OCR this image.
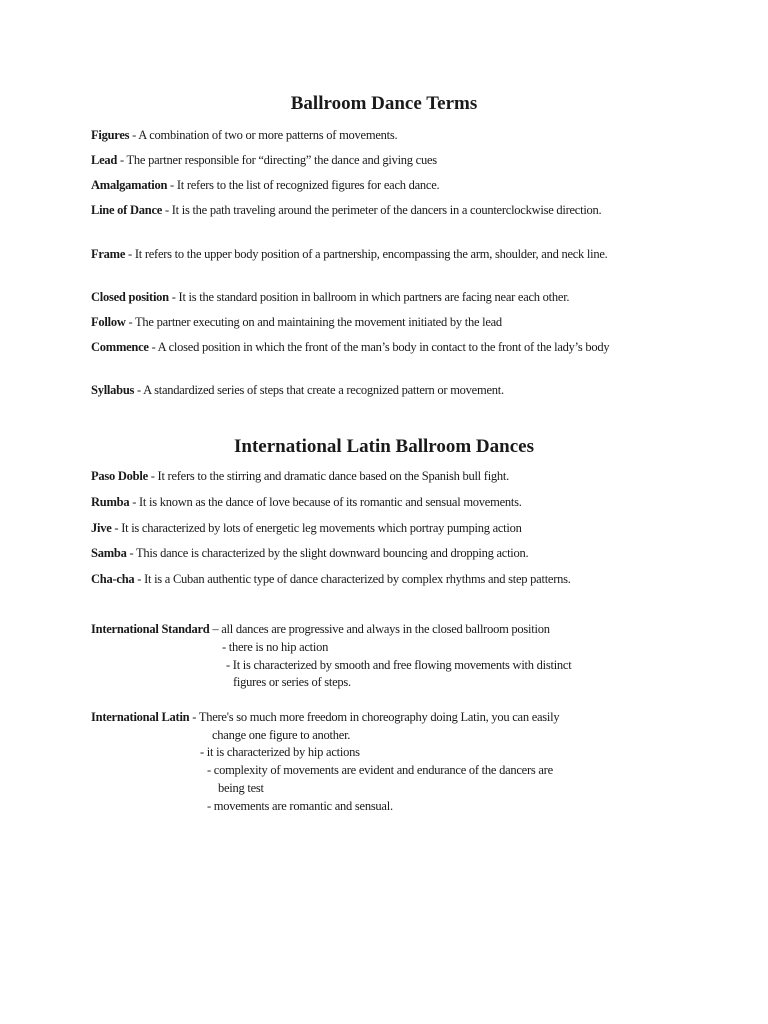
Ballroom Dance Terms
Figures - A combination of two or more patterns of movements.
Lead - The partner responsible for “directing” the dance and giving cues
Amalgamation - It refers to the list of recognized figures for each dance.
Line of Dance - It is the path traveling around the perimeter of the dancers in a counterclockwise direction.
Frame - It refers to the upper body position of a partnership, encompassing the arm, shoulder, and neck line.
Closed position - It is the standard position in ballroom in which partners are facing near each other.
Follow - The partner executing on and maintaining the movement initiated by the lead
Commence - A closed position in which the front of the man’s body in contact to the front of the lady’s body
Syllabus - A standardized series of steps that create a recognized pattern or movement.
International Latin Ballroom Dances
Paso Doble - It refers to the stirring and dramatic dance based on the Spanish bull fight.
Rumba - It is known as the dance of love because of its romantic and sensual movements.
Jive - It is characterized by lots of energetic leg movements which portray pumping action
Samba - This dance is characterized by the slight downward bouncing and dropping action.
Cha-cha - It is a Cuban authentic type of dance characterized by complex rhythms and step patterns.
International Standard – all dances are progressive and always in the closed ballroom position
- there is no hip action
- It is characterized by smooth and free flowing movements with distinct
figures or series of steps.
International Latin - There's so much more freedom in choreography doing Latin, you can easily
change one figure to another.
- it is characterized by hip actions
- complexity of movements are evident and endurance of the dancers are
being test
- movements are romantic and sensual.
